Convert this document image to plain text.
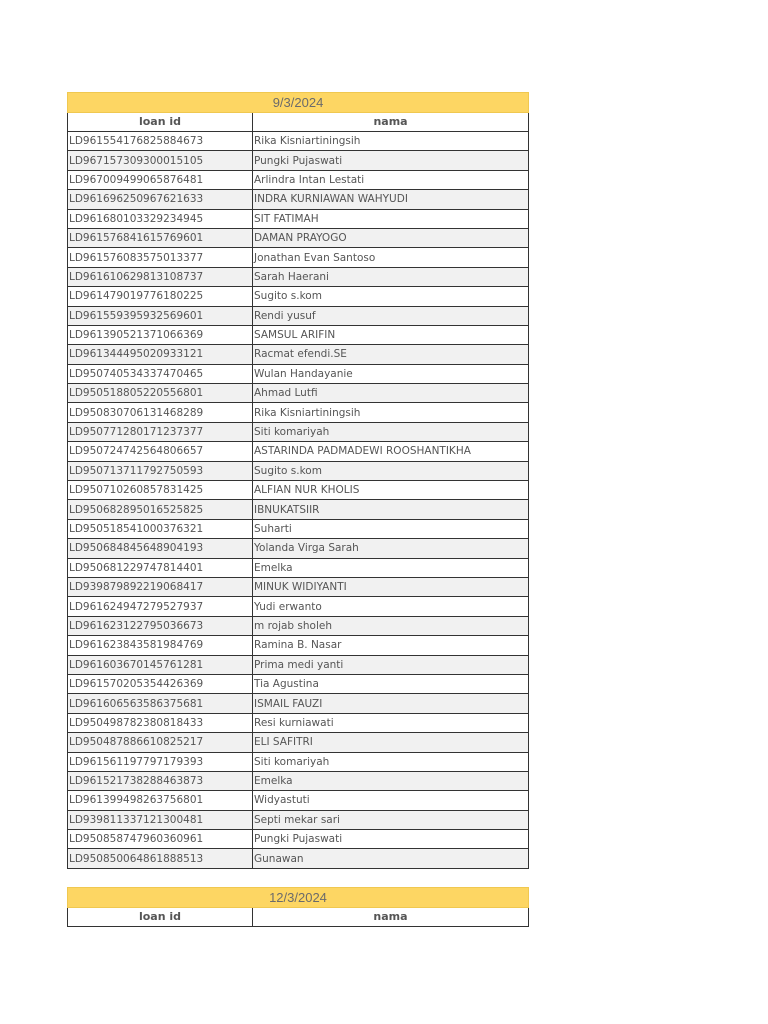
9/3/2024	
loan id	nama
LD961554176825884673	Rika Kisniartiningsih
LD967157309300015105	Pungki Pujaswati
LD967009499065876481	Arlindra Intan Lestati
LD961696250967621633	INDRA KURNIAWAN WAHYUDI
LD961680103329234945	SIT FATIMAH
LD961576841615769601	DAMAN PRAYOGO
LD961576083575013377	Jonathan Evan Santoso
LD961610629813108737	Sarah Haerani
LD961479019776180225	Sugito s.kom
LD961559395932569601	Rendi yusuf
LD961390521371066369	SAMSUL ARIFIN
LD961344495020933121	Racmat efendi.SE
LD950740534337470465	Wulan Handayanie
LD950518805220556801	Ahmad Lutfi
LD950830706131468289	Rika Kisniartiningsih
LD950771280171237377	Siti komariyah
LD950724742564806657	ASTARINDA PADMADEWI ROOSHANTIKHA
LD950713711792750593	Sugito s.kom
LD950710260857831425	ALFIAN NUR KHOLIS
LD950682895016525825	IBNUKATSIIR
LD950518541000376321	Suharti
LD950684845648904193	Yolanda Virga Sarah
LD950681229747814401	Emelka
LD939879892219068417	MINUK WIDIYANTI
LD961624947279527937	Yudi erwanto
LD961623122795036673	m rojab sholeh
LD961623843581984769	Ramina B. Nasar
LD961603670145761281	Prima medi yanti
LD961570205354426369	Tia Agustina
LD961606563586375681	ISMAIL FAUZI
LD950498782380818433	Resi kurniawati
LD950487886610825217	ELI SAFITRI
LD961561197797179393	Siti komariyah
LD961521738288463873	Emelka
LD961399498263756801	Widyastuti
LD939811337121300481	Septi mekar sari
LD950858747960360961	Pungki Pujaswati
LD950850064861888513	Gunawan
12/3/2024
loan id	nama
